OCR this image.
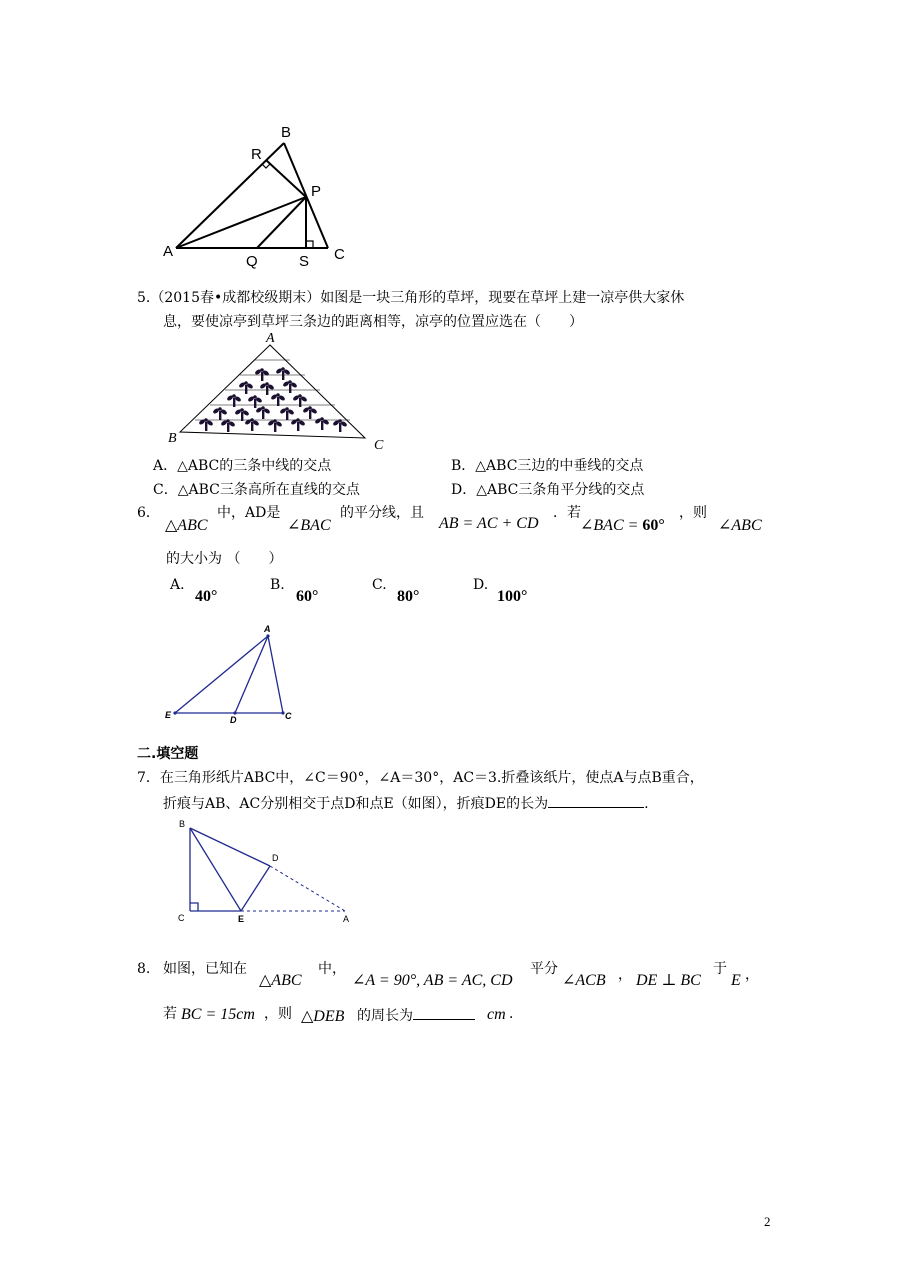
B
R
P
A
Q	S C
5.（2015春•成都校级期末）如图是一块三角形的草坪，现要在草坪上建一凉亭供大家休
息，要使凉亭到草坪三条边的距离相等，凉亭的位置应选在（　　）
A
B	C
A．△ABC的三条中线的交点	B．△ABC三边的中垂线的交点
C．△ABC三条高所在直线的交点	D．△ABC三条角平分线的交点
6．
△ABC
中，AD是
∠BAC
的平分线，且
AB = AC + CD
．若
∠BAC = 60°
，则
∠ABC
的大小为 （　　）
A.
40°
B.
60°
C.
80°
D.
100°
A
E	D	C
二.填空题
7．在三角形纸片ABC中，∠C＝90°，∠A＝30°，AC＝3.折叠该纸片，使点A与点B重合，
折痕与AB、AC分别相交于点D和点E（如图），折痕DE的长为	.
B
D
C	E	A
8. 如图，已知在
△ABC
中，
∠A = 90°, AB = AC, CD
平分
∠ACB ， DE ⊥ BC
于
E ，
若 BC = 15cm ，则 △DEB 的周长为	cm ．
2
